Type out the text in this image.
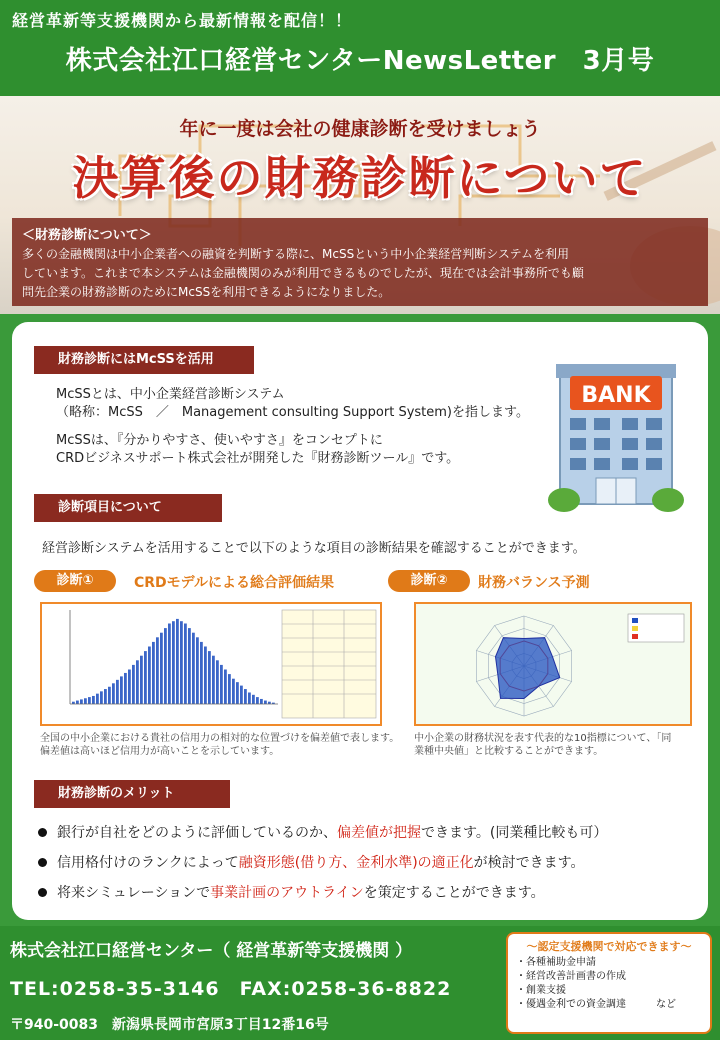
経営革新等支援機関から最新情報を配信！！
株式会社江口経営センターNewsLetter　3月号
年に一度は会社の健康診断を受けましょう
決算後の財務診断について
＜財務診断について＞
多くの金融機関は中小企業者への融資を判断する際に、McSSという中小企業経営判断システムを利用
しています。これまで本システムは金融機関のみが利用できるものでしたが、現在では会計事務所でも顧
問先企業の財務診断のためにMcSSを利用できるようになりました。
財務診断にはMcSSを活用
McSSとは、中小企業経営診断システム
（略称：McSS　／　Management consulting Support System)を指します。
McSSは、『分かりやすさ、使いやすさ』をコンセプトに
CRDビジネスサポート株式会社が開発した『財務診断ツール』です。
BANK
診断項目について
経営診断システムを活用することで以下のような項目の診断結果を確認することができます。
診断①	CRDモデルによる総合評価結果	診断②	財務バランス予測
全国の中小企業における貴社の信用力の相対的な位置づけを偏差値で表します。
偏差値は高いほど信用力が高いことを示しています。
中小企業の財務状況を表す代表的な10指標について、「同
業種中央値」と比較することができます。
財務診断のメリット
銀行が自社をどのように評価しているのか、偏差値が把握できます。(同業種比較も可）
信用格付けのランクによって融資形態(借り方、金利水準)の適正化が検討できます。
将来シミュレーションで事業計画のアウトラインを策定することができます。
株式会社江口経営センター（ 経営革新等支援機関 ）
TEL:0258-35-3146　FAX:0258-36-8822
〒940-0083　新潟県長岡市宮原3丁目12番16号
～認定支援機関で対応できます～
・各種補助金申請
・経営改善計画書の作成
・創業支援
・優遇金利での資金調達　　　など
